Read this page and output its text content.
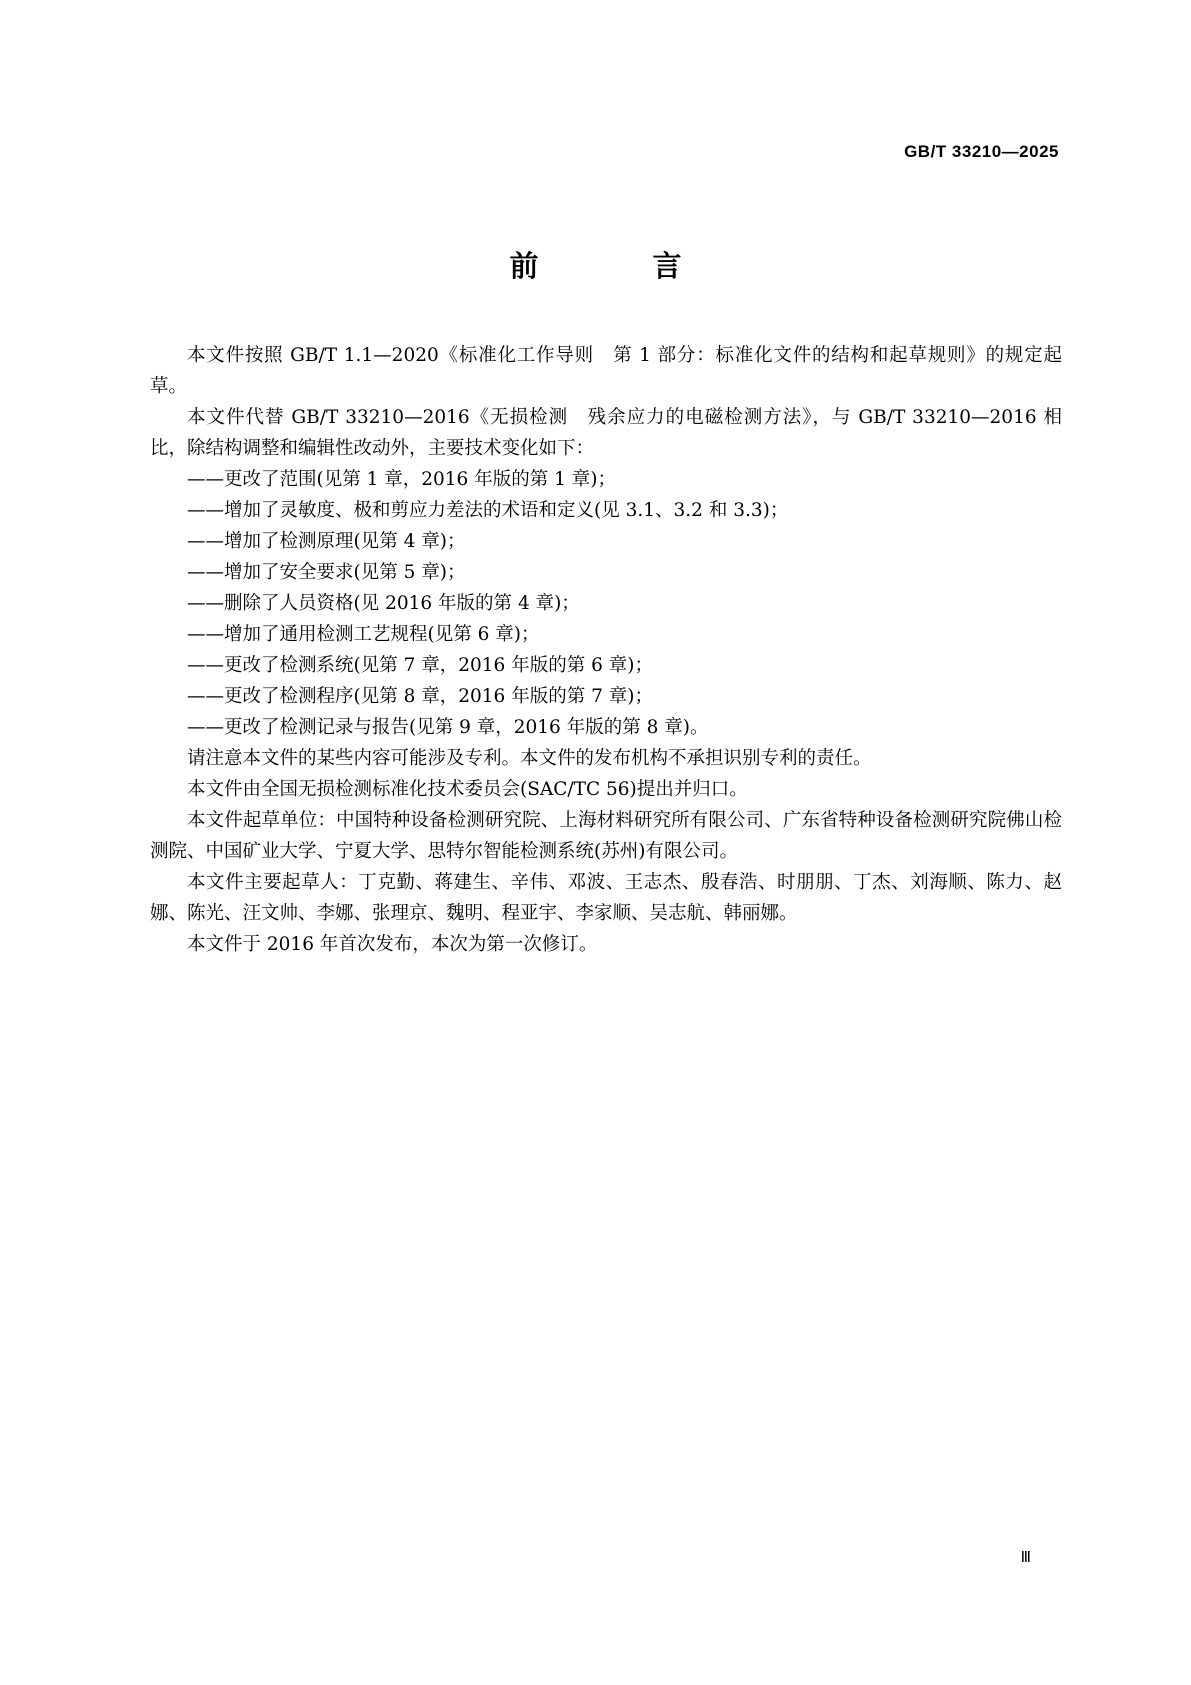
GB/T 33210—2025
前 言

本文件按照 GB/T 1.1—2020《标准化工作导则　第 1 部分：标准化文件的结构和起草规则》的规定起草。

本文件代替 GB/T 33210—2016《无损检测　残余应力的电磁检测方法》，与 GB/T 33210—2016 相比，除结构调整和编辑性改动外，主要技术变化如下：

——更改了范围(见第 1 章，2016 年版的第 1 章)；
——增加了灵敏度、极和剪应力差法的术语和定义(见 3.1、3.2 和 3.3)；
——增加了检测原理(见第 4 章)；
——增加了安全要求(见第 5 章)；
——删除了人员资格(见 2016 年版的第 4 章)；
——增加了通用检测工艺规程(见第 6 章)；
——更改了检测系统(见第 7 章，2016 年版的第 6 章)；
——更改了检测程序(见第 8 章，2016 年版的第 7 章)；
——更改了检测记录与报告(见第 9 章，2016 年版的第 8 章)。

请注意本文件的某些内容可能涉及专利。本文件的发布机构不承担识别专利的责任。

本文件由全国无损检测标准化技术委员会(SAC/TC 56)提出并归口。

本文件起草单位：中国特种设备检测研究院、上海材料研究所有限公司、广东省特种设备检测研究院佛山检测院、中国矿业大学、宁夏大学、思特尔智能检测系统(苏州)有限公司。

本文件主要起草人：丁克勤、蒋建生、辛伟、邓波、王志杰、殷春浩、时朋朋、丁杰、刘海顺、陈力、赵娜、陈光、汪文帅、李娜、张理京、魏明、程亚宇、李家顺、吴志航、韩丽娜。

本文件于 2016 年首次发布，本次为第一次修订。

Ⅲ
